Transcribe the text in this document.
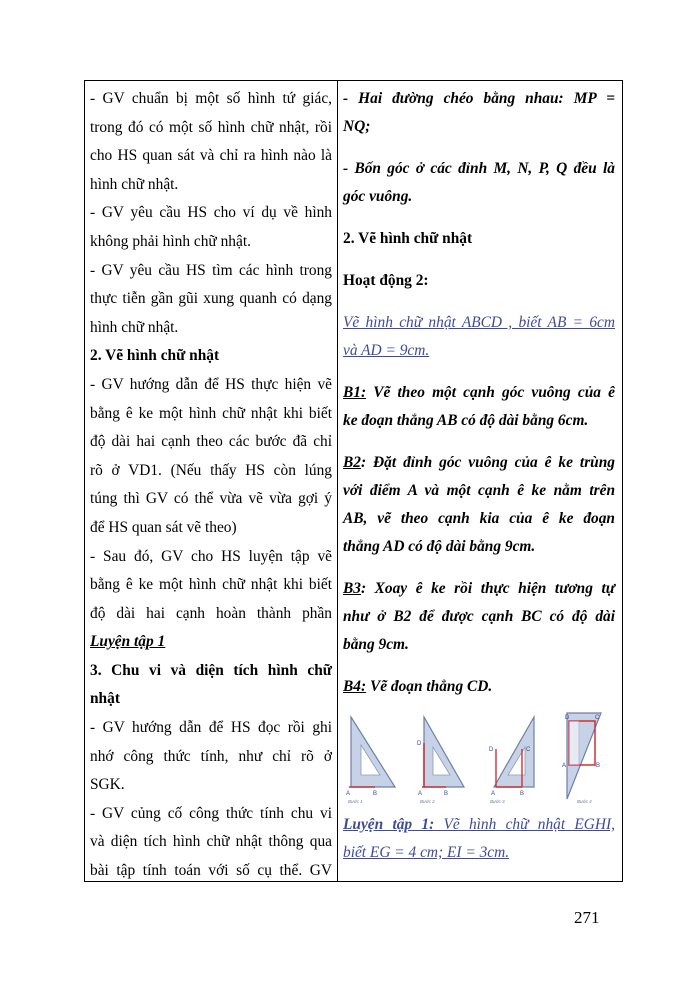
- GV chuẩn bị một số hình tứ giác,
trong đó có một số hình chữ nhật, rồi
cho HS quan sát và chỉ ra hình nào là
hình chữ nhật.
- GV yêu cầu HS cho ví dụ về hình
không phải hình chữ nhật.
- GV yêu cầu HS tìm các hình trong
thực tiễn gần gũi xung quanh có dạng
hình chữ nhật.
2. Vẽ hình chữ nhật
- GV hướng dẫn để HS thực hiện vẽ
bằng ê ke một hình chữ nhật khi biết
độ dài hai cạnh theo các bước đã chỉ
rõ ở VD1. (Nếu thấy HS còn lúng
túng thì GV có thể vừa vẽ vừa gợi ý
để HS quan sát vẽ theo)
- Sau đó, GV cho HS luyện tập vẽ
bằng ê ke một hình chữ nhật khi biết
độ dài hai cạnh hoàn thành phần
Luyện tập 1
3. Chu vi và diện tích hình chữ
nhật
- GV hướng dẫn để HS đọc rồi ghi
nhớ công thức tính, như chỉ rõ ở
SGK.
- GV củng cố công thức tính chu vi
và diện tích hình chữ nhật thông qua
bài tập tính toán với số cụ thể. GV
- Hai đường chéo bằng nhau: MP =
NQ;
- Bốn góc ở các đỉnh M, N, P, Q đều là
góc vuông.
2. Vẽ hình chữ nhật
Hoạt động 2:
Vẽ hình chữ nhật ABCD , biết AB = 6cm
và AD = 9cm.
B1: Vẽ theo một cạnh góc vuông của ê
ke đoạn thẳng AB có độ dài bằng 6cm.
B2: Đặt đỉnh góc vuông của ê ke trùng
với điểm A và một cạnh ê ke nằm trên
AB, vẽ theo cạnh kia của ê ke đoạn
thẳng AD có độ dài bằng 9cm.
B3: Xoay ê ke rồi thực hiện tương tự
như ở B2 để được cạnh BC có độ dài
bằng 9cm.
B4: Vẽ đoạn thẳng CD.
A	B
Bước 1
D
A	B
Bước 2
D	C
A	B
Bước 3
D	C
A	B
Bước 4
Luyện tập 1: Vẽ hình chữ nhật EGHI,
biết EG = 4 cm; EI = 3cm.
271
